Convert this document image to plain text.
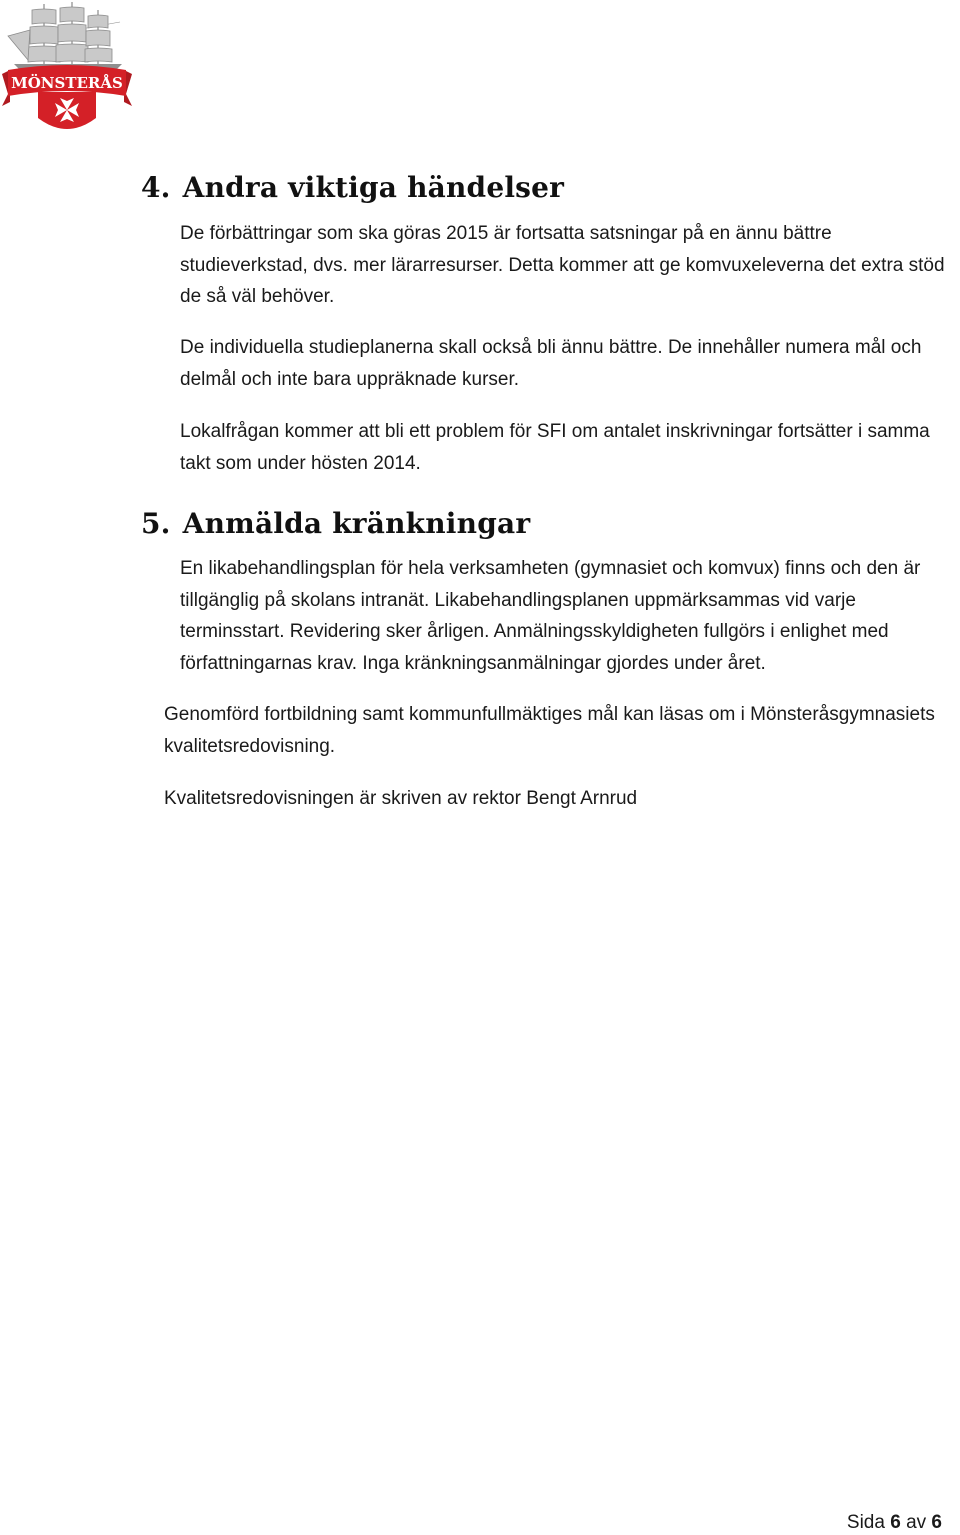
MÖNSTERÅS
4. Andra viktiga händelser

De förbättringar som ska göras 2015 är fortsatta satsningar på en ännu bättre studieverkstad, dvs. mer lärarresurser. Detta kommer att ge komvuxeleverna det extra stöd de så väl behöver.

De individuella studieplanerna skall också bli ännu bättre. De innehåller numera mål och delmål och inte bara uppräknade kurser.

Lokalfrågan kommer att bli ett problem för SFI om antalet inskrivningar fortsätter i samma takt som under hösten 2014.

5. Anmälda kränkningar

En likabehandlingsplan för hela verksamheten (gymnasiet och komvux) finns och den är tillgänglig på skolans intranät. Likabehandlingsplanen uppmärksammas vid varje terminsstart. Revidering sker årligen. Anmälningsskyldigheten fullgörs i enlighet med författningarnas krav. Inga kränkningsanmälningar gjordes under året.

Genomförd fortbildning samt kommunfullmäktiges mål kan läsas om i Mönsteråsgymnasiets kvalitetsredovisning.

Kvalitetsredovisningen är skriven av rektor Bengt Arnrud

Sida 6 av 6
